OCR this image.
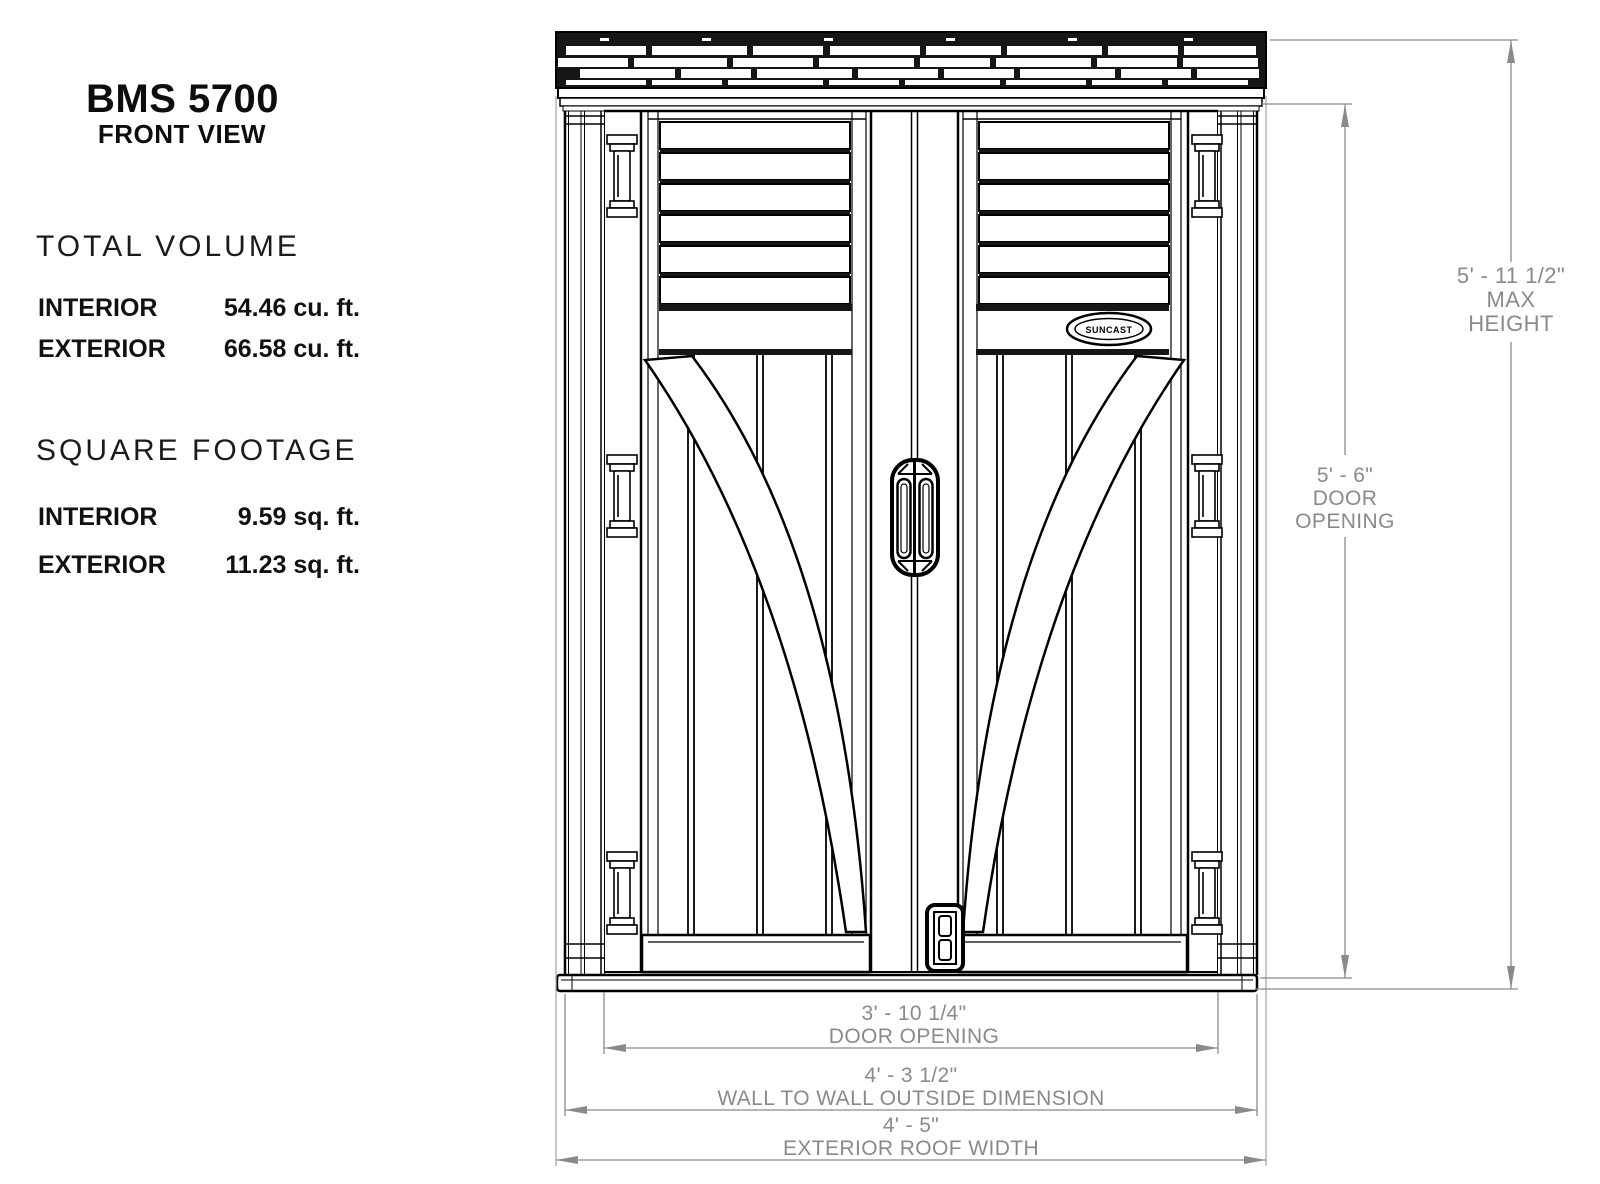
BMS 5700
FRONT VIEW
TOTAL VOLUME
INTERIOR	54.46 cu. ft.
EXTERIOR	66.58 cu. ft.
SQUARE FOOTAGE
INTERIOR	9.59 sq. ft.
EXTERIOR	11.23 sq. ft.
5' - 11 1/2"
MAX
HEIGHT
5' - 6"
DOOR
OPENING
3' - 10 1/4"
DOOR OPENING
4' - 3 1/2"
WALL TO WALL OUTSIDE DIMENSION
4' - 5"
EXTERIOR ROOF WIDTH
SUNCAST
